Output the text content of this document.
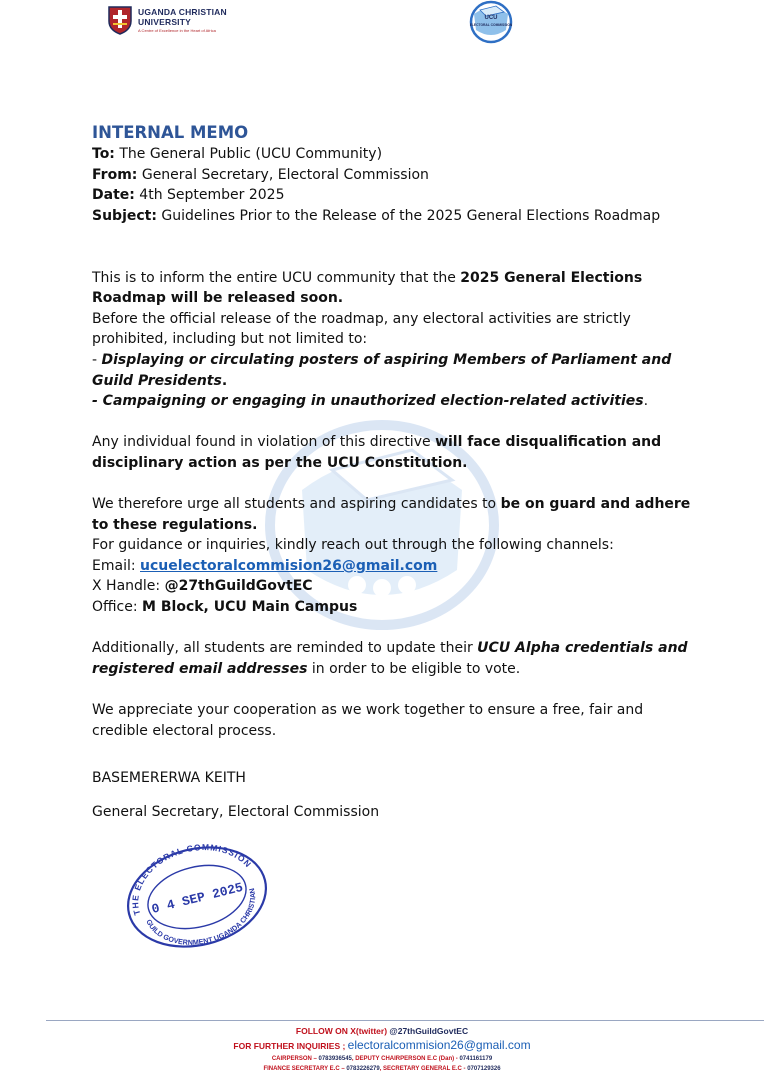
UGANDA CHRISTIAN
UNIVERSITY
A Centre of Excellence in the Heart of Africa
UCU
ELECTORAL COMMISSION
INTERNAL MEMO

To: The General Public (UCU Community)

From: General Secretary, Electoral Commission

Date: 4th September 2025

Subject: Guidelines Prior to the Release of the 2025 General Elections Roadmap

This is to inform the entire UCU community that the 2025 General Elections Roadmap will be released soon.

Before the official release of the roadmap, any electoral activities are strictly prohibited, including but not limited to:

- Displaying or circulating posters of aspiring Members of Parliament and Guild Presidents.

- Campaigning or engaging in unauthorized election-related activities.

Any individual found in violation of this directive will face disqualification and disciplinary action as per the UCU Constitution.

We therefore urge all students and aspiring candidates to be on guard and adhere to these regulations.

For guidance or inquiries, kindly reach out through the following channels:

Email: ucuelectoralcommision26@gmail.com

X Handle: @27thGuildGovtEC

Office: M Block, UCU Main Campus

Additionally, all students are reminded to update their UCU Alpha credentials and registered email addresses in order to be eligible to vote.

We appreciate your cooperation as we work together to ensure a free, fair and credible electoral process.

BASEMERERWA KEITH
General Secretary, Electoral Commission
THE ELECTORAL COMMISSION
GUILD GOVERNMENT UGANDA CHRISTIAN
0 4 SEP 2025
FOLLOW ON X(twitter) @27thGuildGovtEC
FOR FURTHER INQUIRIES ; electoralcommision26@gmail.com
CAIRPERSON – 0783936545, DEPUTY CHAIRPERSON E.C (Dan) - 0741161179
FINANCE SECRETARY E.C – 0783226279, SECRETARY GENERAL E.C - 0707129326
